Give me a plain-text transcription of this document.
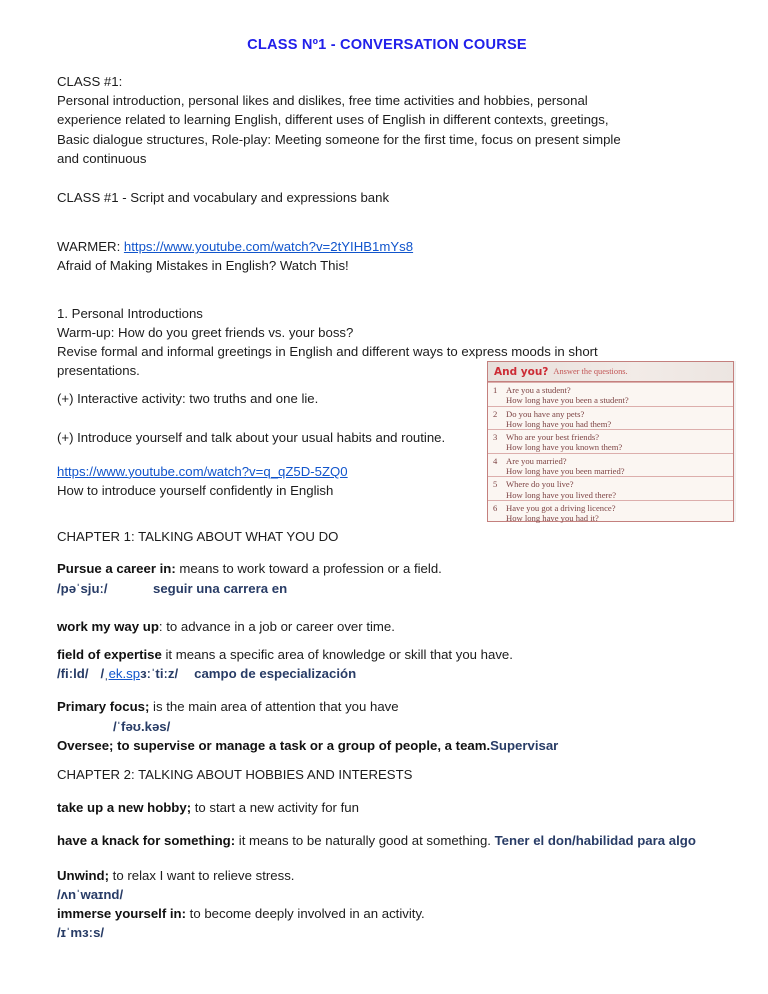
CLASS Nº1 - CONVERSATION COURSE
CLASS #1:
Personal introduction, personal likes and dislikes, free time activities and hobbies, personal
experience related to learning English, different uses of English in different contexts, greetings,
Basic dialogue structures, Role-play: Meeting someone for the first time, focus on present simple
and continuous
CLASS #1 - Script and vocabulary and expressions bank
WARMER: https://www.youtube.com/watch?v=2tYIHB1mYs8
Afraid of Making Mistakes in English? Watch This!
1. Personal Introductions
Warm-up: How do you greet friends vs. your boss?
Revise formal and informal greetings in English and different ways to express moods in short
presentations.
(+) Interactive activity: two truths and one lie.
(+) Introduce yourself and talk about your usual habits and routine.
https://www.youtube.com/watch?v=q_qZ5D-5ZQ0
How to introduce yourself confidently in English
CHAPTER 1: TALKING ABOUT WHAT YOU DO
Pursue a career in: means to work toward a profession or a field.
/pəˈsjuː/	seguir una carrera en
work my way up: to advance in a job or career over time.
field of expertise it means a specific area of knowledge or skill that you have.
/fiːld/ /ˌek.spɜːˈtiːz/ campo de especialización
Primary focus; is the main area of attention that you have
/ˈfəʊ.kəs/
Oversee; to supervise or manage a task or a group of people, a team.Supervisar
CHAPTER 2: TALKING ABOUT HOBBIES AND INTERESTS
take up a new hobby; to start a new activity for fun
have a knack for something: it means to be naturally good at something. Tener el don/habilidad para algo
Unwind; to relax I want to relieve stress.
/ʌnˈwaɪnd/
immerse yourself in: to become deeply involved in an activity.
/ɪˈmɜːs/
And you? Answer the questions.
1	Are you a student?
How long have you been a student?
2	Do you have any pets?
How long have you had them?
3	Who are your best friends?
How long have you known them?
4	Are you married?
How long have you been married?
5	Where do you live?
How long have you lived there?
6	Have you got a driving licence?
How long have you had it?
